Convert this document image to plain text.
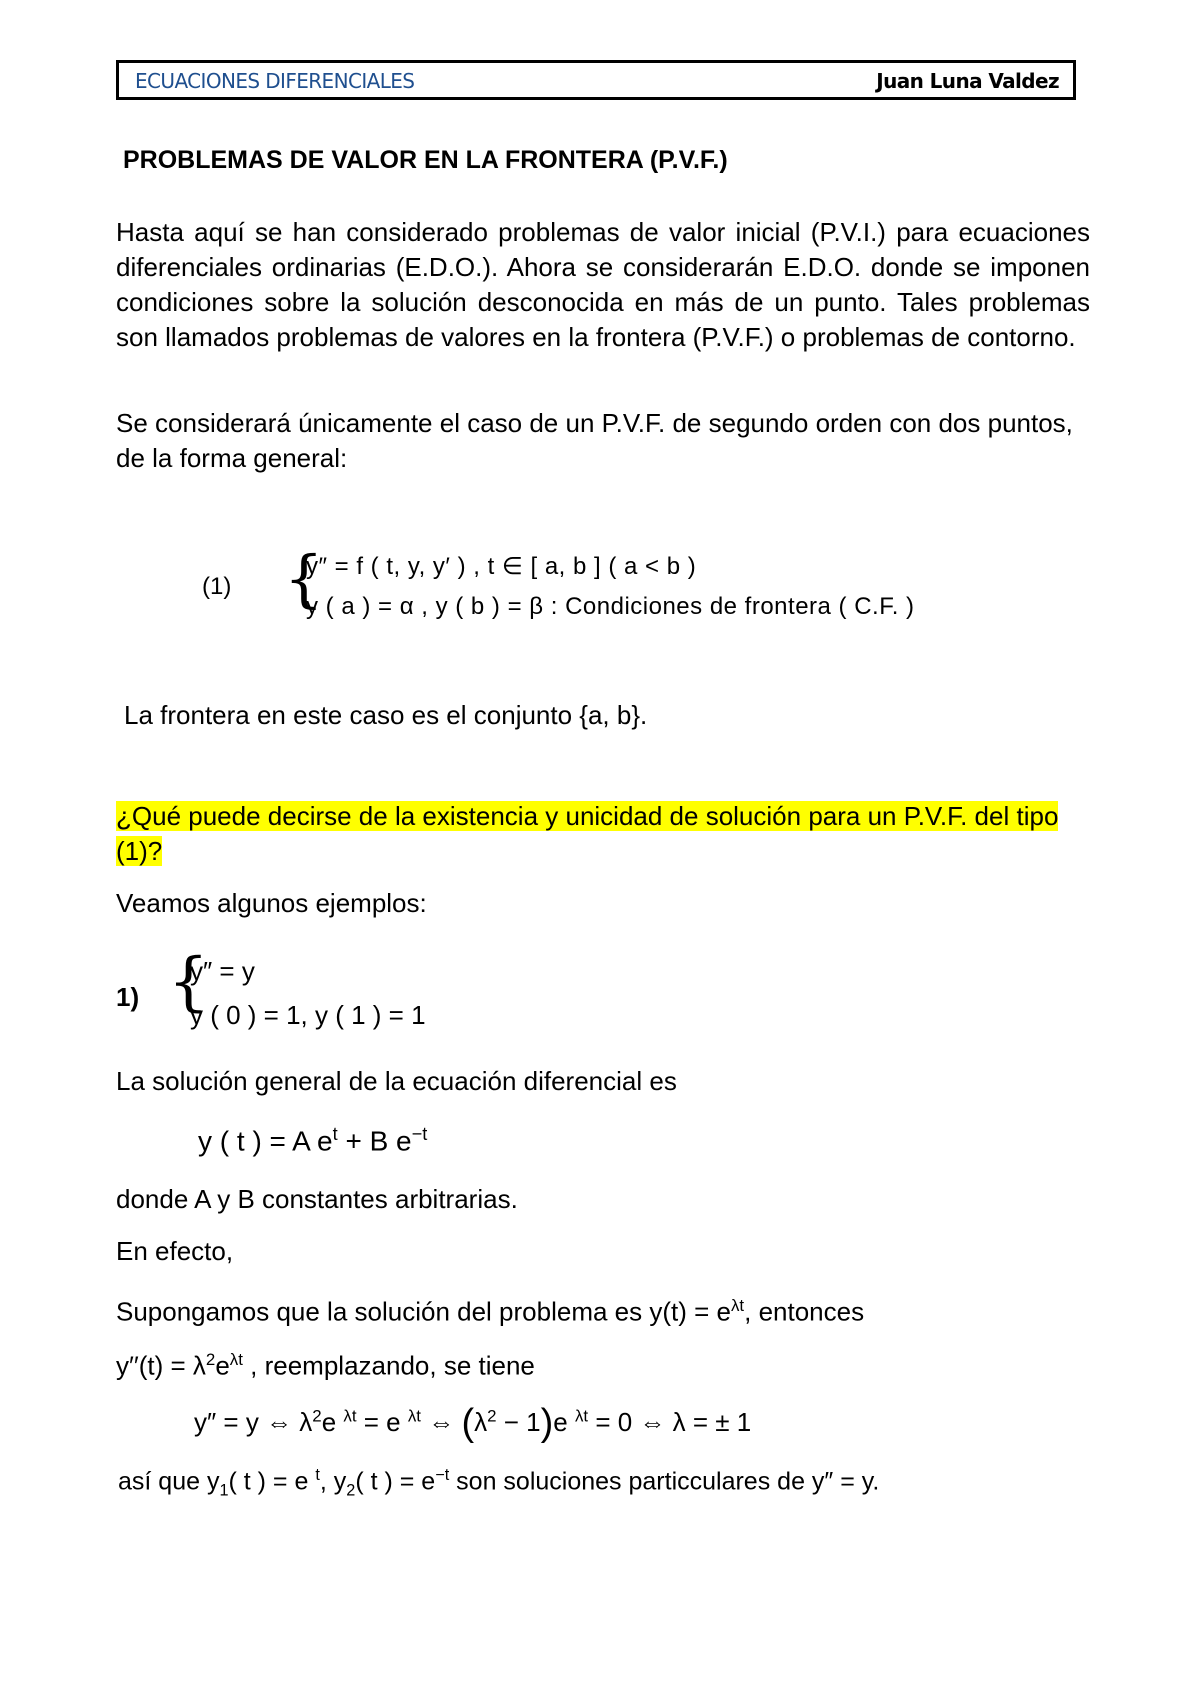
ECUACIONES DIFERENCIALES	Juan Luna Valdez
PROBLEMAS DE VALOR EN LA FRONTERA (P.V.F.)
Hasta aquí se han considerado problemas de valor inicial (P.V.I.) para ecuaciones diferenciales ordinarias (E.D.O.). Ahora se considerarán E.D.O. donde se imponen condiciones sobre la solución desconocida en más de un punto. Tales problemas son llamados problemas de valores en la frontera (P.V.F.) o problemas de contorno.
Se considerará únicamente el caso de un P.V.F. de segundo orden con dos puntos, de la forma general:
(1) {
y″ = f ( t, y, y′ ) , t ∈ [ a, b ] ( a < b )
y ( a ) = α , y ( b ) = β : Condiciones de frontera ( C.F. )
La frontera en este caso es el conjunto {a, b}.
¿Qué puede decirse de la existencia y unicidad de solución para un P.V.F. del tipo (1)?
Veamos algunos ejemplos:
1) {
y″ = y
y ( 0 ) = 1, y ( 1 ) = 1
La solución general de la ecuación diferencial es
y ( t ) = A $e^t + B$ $e^{-t}$
donde A y B constantes arbitrarias.
En efecto,
Supongamos que la solución del problema es $y(t) = e^{\lambda t}$, entonces
$y''(t) = \lambda^2e^{\lambda t}$ , reemplazando, se tiene
y″ = y ⇔ $\lambda^2e$ $^{\lambda t}$ = e $^{\lambda t}$ ⇔ $(\lambda^2 - 1)e$ $^{\lambda t}$ = 0 ⇔ λ = ± 1
así que $y_1$( t ) = e $^t$, $y_2$( t ) = $e^{-t}$ son soluciones particculares de y″ = y.
